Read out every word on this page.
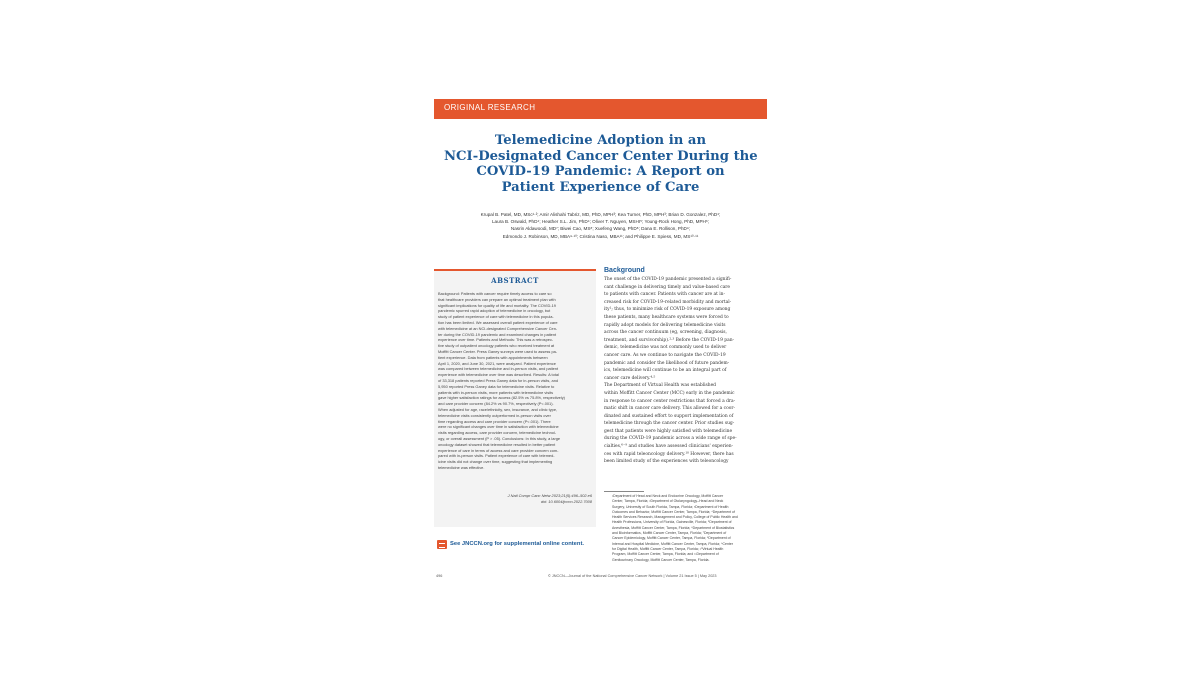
ORIGINAL RESEARCH
Telemedicine Adoption in an
NCI-Designated Cancer Center During the
COVID-19 Pandemic: A Report on
Patient Experience of Care
Krupal B. Patel, MD, MSc¹·²; Amir Alishahi Tabriz, MD, PhD, MPH³; Kea Turner, PhD, MPH³; Brian D. Gonzalez, PhD⁴;
Laura B. Oswald, PhD⁴; Heather S.L. Jim, PhD⁴; Oliver T. Nguyen, MSHI⁵; Young-Rock Hong, PhD, MPH⁶;
Nasrin Aldawoodi, MD⁷; Biwei Cao, MS⁸; Xuefeng Wang, PhD⁸; Dana E. Rollison, PhD⁹;
Edmondo J. Robinson, MD, MBA⁹·¹⁰; Cristina Naso, MBA¹¹; and Philippe E. Spiess, MD, MS¹⁰·¹¹
ABSTRACT
Background: Patients with cancer require timely access to care so
that healthcare providers can prepare an optimal treatment plan with
significant implications for quality of life and mortality. The COVID-19
pandemic spurred rapid adoption of telemedicine in oncology, but
study of patient experience of care with telemedicine in this popula-
tion has been limited. We assessed overall patient experience of care
with telemedicine at an NCI-designated Comprehensive Cancer Cen-
ter during the COVID-19 pandemic and examined changes in patient
experience over time. Patients and Methods: This was a retrospec-
tive study of outpatient oncology patients who received treatment at
Moffitt Cancer Center. Press Ganey surveys were used to assess pa-
tient experience. Data from patients with appointments between
April 1, 2020, and June 30, 2021, were analyzed. Patient experience
was compared between telemedicine and in-person visits, and patient
experience with telemedicine over time was described. Results: A total
of 33,318 patients reported Press Ganey data for in-person visits, and
5,950 reported Press Ganey data for telemedicine visits. Relative to
patients with in-person visits, more patients with telemedicine visits
gave higher satisfaction ratings for access (82.5% vs 75.8%, respectively)
and care provider concern (84.2% vs 90.7%, respectively (P<.001).
When adjusted for age, race/ethnicity, sex, insurance, and clinic type,
telemedicine visits consistently outperformed in-person visits over
time regarding access and care provider concern (P<.001). There
were no significant changes over time in satisfaction with telemedicine
visits regarding access, care provider concern, telemedicine technol-
ogy, or overall assessment (P > .05). Conclusions: In this study, a large
oncology dataset showed that telemedicine resulted in better patient
experience of care in terms of access and care provider concern com-
pared with in-person visits. Patient experience of care with telemed-
icine visits did not change over time, suggesting that implementing
telemedicine was effective.
J Natl Compr Canc Netw 2023;21(5):496–502.e6
doi: 10.6004/jnccn.2022.7008
See JNCCN.org for supplemental online content.
Background
The onset of the COVID-19 pandemic presented a signifi-
cant challenge in delivering timely and value-based care
to patients with cancer. Patients with cancer are at in-
creased risk for COVID-19–related morbidity and mortal-
ity¹; thus, to minimize risk of COVID-19 exposure among
these patients, many healthcare systems were forced to
rapidly adopt models for delivering telemedicine visits
across the cancer continuum (eg, screening, diagnosis,
treatment, and survivorship).²·³ Before the COVID-19 pan-
demic, telemedicine was not commonly used to deliver
cancer care. As we continue to navigate the COVID-19
pandemic and consider the likelihood of future pandem-
ics, telemedicine will continue to be an integral part of
cancer care delivery.⁴·⁵
The Department of Virtual Health was established
within Moffitt Cancer Center (MCC) early in the pandemic
in response to cancer center restrictions that forced a dra-
matic shift in cancer care delivery. This allowed for a coor-
dinated and sustained effort to support implementation of
telemedicine through the cancer center. Prior studies sug-
gest that patients were highly satisfied with telemedicine
during the COVID-19 pandemic across a wide range of spe-
cialties,⁶⁻⁹ and studies have assessed clinicians' experien-
ces with rapid teleoncology delivery.¹⁰ However, there has
been limited study of the experiences with teleoncology
¹Department of Head and Neck and Endocrine Oncology, Moffitt Cancer
Center, Tampa, Florida; ²Department of Otolaryngology–Head and Neck
Surgery, University of South Florida, Tampa, Florida; ³Department of Health
Outcomes and Behavior, Moffitt Cancer Center, Tampa, Florida; ⁴Department of
Health Services Research, Management and Policy, College of Public Health and
Health Professions, University of Florida, Gainesville, Florida; ⁵Department of
Anesthesia, Moffitt Cancer Center, Tampa, Florida; ⁶Department of Biostatistics
and Bioinformatics, Moffitt Cancer Center, Tampa, Florida; ⁷Department of
Cancer Epidemiology, Moffitt Cancer Center, Tampa, Florida; ⁸Department of
Internal and Hospital Medicine, Moffitt Cancer Center, Tampa, Florida; ⁹Center
for Digital Health, Moffitt Cancer Center, Tampa, Florida; ¹⁰Virtual Health
Program, Moffitt Cancer Center, Tampa, Florida; and ¹¹Department of
Genitourinary Oncology, Moffitt Cancer Center, Tampa, Florida.
496	© JNCCN—Journal of the National Comprehensive Cancer Network | Volume 21 Issue 5 | May 2023
